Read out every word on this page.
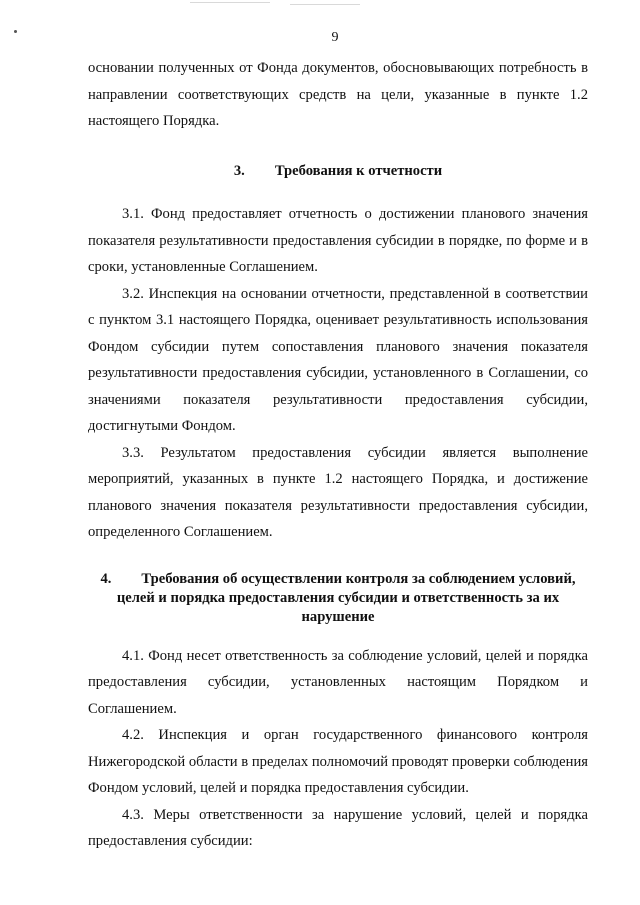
9

основании полученных от Фонда документов, обосновывающих потребность в направлении соответствующих средств на цели, указанные в пункте 1.2 настоящего Порядка.

3. Требования к отчетности

3.1. Фонд предоставляет отчетность о достижении планового значения показателя результативности предоставления субсидии в порядке, по форме и в сроки, установленные Соглашением.

3.2. Инспекция на основании отчетности, представленной в соответствии с пунктом 3.1 настоящего Порядка, оценивает результативность использования Фондом субсидии путем сопоставления планового значения показателя результативности предоставления субсидии, установленного в Соглашении, со значениями показателя результативности предоставления субсидии, достигнутыми Фондом.

3.3. Результатом предоставления субсидии является выполнение мероприятий, указанных в пункте 1.2 настоящего Порядка, и достижение планового значения показателя результативности предоставления субсидии, определенного Соглашением.

4. Требования об осуществлении контроля за соблюдением условий, целей и порядка предоставления субсидии и ответственность за их нарушение

4.1. Фонд несет ответственность за соблюдение условий, целей и порядка предоставления субсидии, установленных настоящим Порядком и Соглашением.

4.2. Инспекция и орган государственного финансового контроля Нижегородской области в пределах полномочий проводят проверки соблюдения Фондом условий, целей и порядка предоставления субсидии.

4.3. Меры ответственности за нарушение условий, целей и порядка предоставления субсидии:
